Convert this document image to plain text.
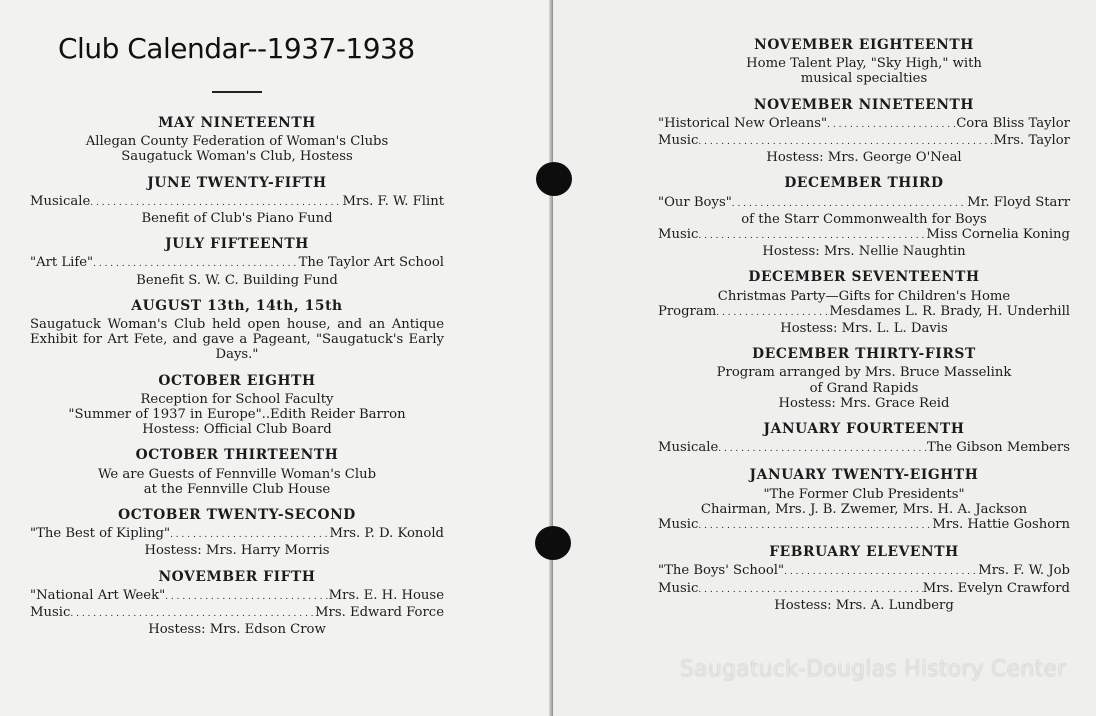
Club Calendar--1937-1938
MAY NINETEENTH
Allegan County Federation of Woman's Clubs
Saugatuck Woman's Club, Hostess
JUNE TWENTY-FIFTH
Musicale . . .	Mrs. F. W. Flint
Benefit of Club's Piano Fund
JULY FIFTEENTH
"Art Life" . . .	The Taylor Art School
Benefit S. W. C. Building Fund
AUGUST 13th, 14th, 15th
Saugatuck Woman's Club held open house, and an Antique Exhibit for Art Fete, and gave a Pageant, "Saugatuck's Early Days."
OCTOBER EIGHTH
Reception for School Faculty
"Summer of 1937 in Europe"..Edith Reider Barron
Hostess: Official Club Board
OCTOBER THIRTEENTH
We are Guests of Fennville Woman's Club
at the Fennville Club House
OCTOBER TWENTY-SECOND
"The Best of Kipling" . . .	Mrs. P. D. Konold
Hostess: Mrs. Harry Morris
NOVEMBER FIFTH
"National Art Week" . . .	Mrs. E. H. House
Music . . .	Mrs. Edward Force
Hostess: Mrs. Edson Crow
NOVEMBER EIGHTEENTH
Home Talent Play, "Sky High," with
musical specialties
NOVEMBER NINETEENTH
"Historical New Orleans" . . .	Cora Bliss Taylor
Music . . .	Mrs. Taylor
Hostess: Mrs. George O'Neal
DECEMBER THIRD
"Our Boys" . . .	Mr. Floyd Starr
of the Starr Commonwealth for Boys
Music . . .	Miss Cornelia Koning
Hostess: Mrs. Nellie Naughtin
DECEMBER SEVENTEENTH
Christmas Party—Gifts for Children's Home
Program . . .	Mesdames L. R. Brady, H. Underhill
Hostess: Mrs. L. L. Davis
DECEMBER THIRTY-FIRST
Program arranged by Mrs. Bruce Masselink
of Grand Rapids
Hostess: Mrs. Grace Reid
JANUARY FOURTEENTH
Musicale . . .	The Gibson Members
JANUARY TWENTY-EIGHTH
"The Former Club Presidents"
Chairman, Mrs. J. B. Zwemer, Mrs. H. A. Jackson
Music . . .	Mrs. Hattie Goshorn
FEBRUARY ELEVENTH
"The Boys' School" . . .	Mrs. F. W. Job
Music . . .	Mrs. Evelyn Crawford
Hostess: Mrs. A. Lundberg
Saugatuck-Douglas History Center
